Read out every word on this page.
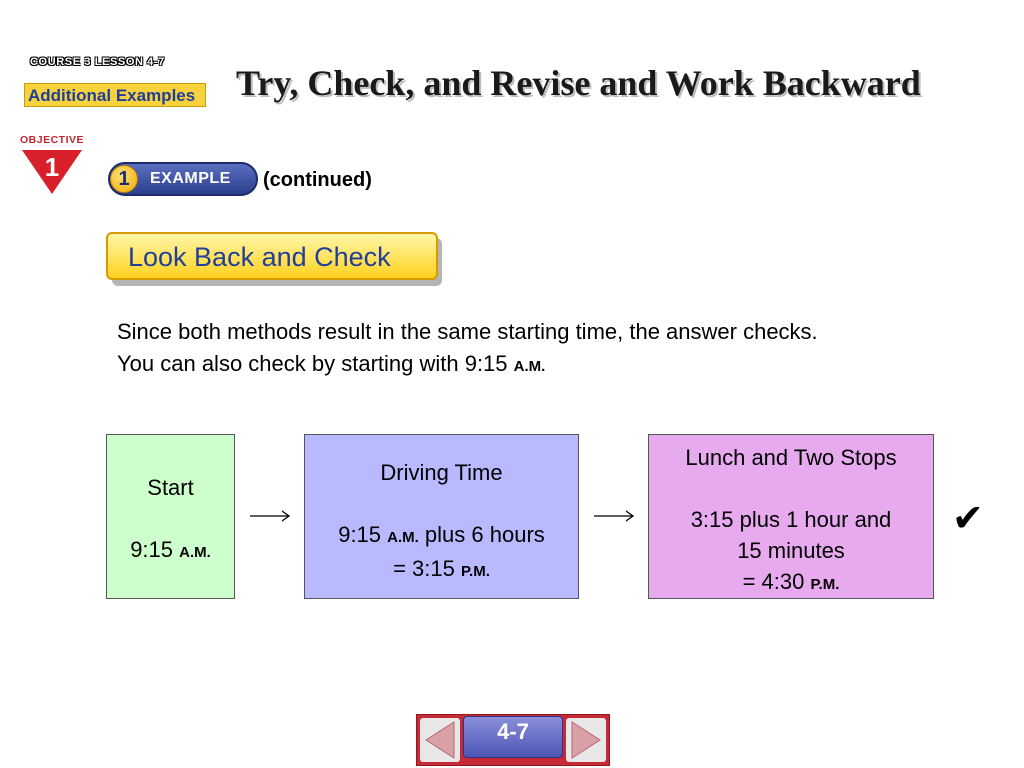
COURSE 3 LESSON 4-7
Additional Examples Try, Check, and Revise and Work Backward
OBJECTIVE
1	1	EXAMPLE (continued)
Look Back and Check
Since both methods result in the same starting time, the answer checks.
You can also check by starting with 9:15 A.M.

Start

9:15 A.M.

Driving Time

9:15 A.M. plus 6 hours

= 3:15 P.M.

Lunch and Two Stops

3:15 plus 1 hour and

15 minutes

= 4:30 P.M.

✔
4-7
